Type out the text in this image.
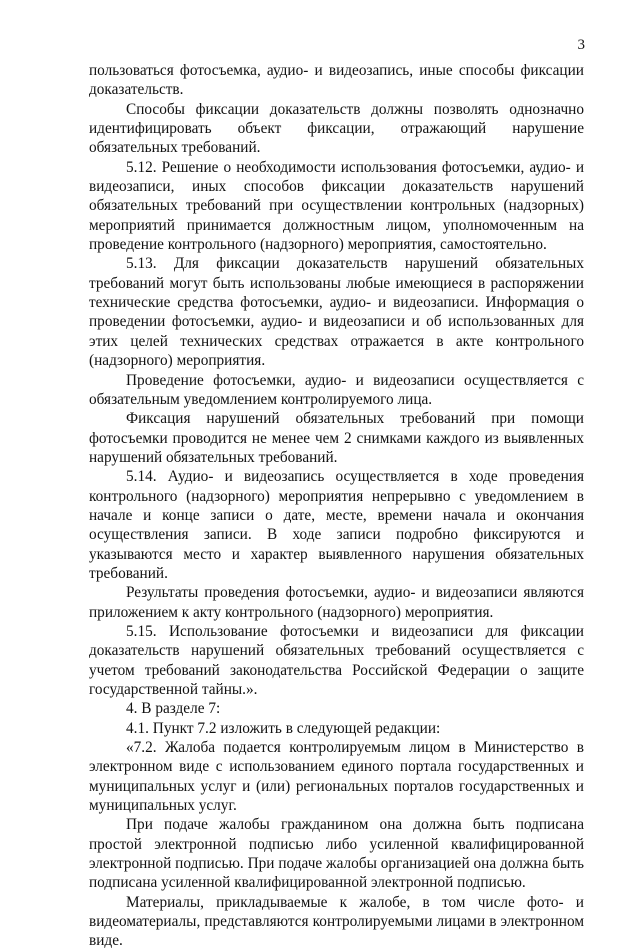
3

пользоваться фотосъемка, аудио- и видеозапись, иные способы фиксации доказательств.

Способы фиксации доказательств должны позволять однозначно идентифицировать объект фиксации, отражающий нарушение обязательных требований.

5.12. Решение о необходимости использования фотосъемки, аудио- и видеозаписи, иных способов фиксации доказательств нарушений обязательных требований при осуществлении контрольных (надзорных) мероприятий принимается должностным лицом, уполномоченным на проведение контрольного (надзорного) мероприятия, самостоятельно.

5.13. Для фиксации доказательств нарушений обязательных требований могут быть использованы любые имеющиеся в распоряжении технические средства фотосъемки, аудио- и видеозаписи. Информация о проведении фотосъемки, аудио- и видеозаписи и об использованных для этих целей технических средствах отражается в акте контрольного (надзорного) мероприятия.

Проведение фотосъемки, аудио- и видеозаписи осуществляется с обязательным уведомлением контролируемого лица.

Фиксация нарушений обязательных требований при помощи фотосъемки проводится не менее чем 2 снимками каждого из выявленных нарушений обязательных требований.

5.14. Аудио- и видеозапись осуществляется в ходе проведения контрольного (надзорного) мероприятия непрерывно с уведомлением в начале и конце записи о дате, месте, времени начала и окончания осуществления записи. В ходе записи подробно фиксируются и указываются место и характер выявленного нарушения обязательных требований.

Результаты проведения фотосъемки, аудио- и видеозаписи являются приложением к акту контрольного (надзорного) мероприятия.

5.15. Использование фотосъемки и видеозаписи для фиксации доказательств нарушений обязательных требований осуществляется с учетом требований законодательства Российской Федерации о защите государственной тайны.».

4. В разделе 7:

4.1. Пункт 7.2 изложить в следующей редакции:

«7.2. Жалоба подается контролируемым лицом в Министерство в электронном виде с использованием единого портала государственных и муниципальных услуг и (или) региональных порталов государственных и муниципальных услуг.

При подаче жалобы гражданином она должна быть подписана простой электронной подписью либо усиленной квалифицированной электронной подписью. При подаче жалобы организацией она должна быть подписана усиленной квалифицированной электронной подписью.

Материалы, прикладываемые к жалобе, в том числе фото- и видеоматериалы, представляются контролируемыми лицами в электронном виде.
